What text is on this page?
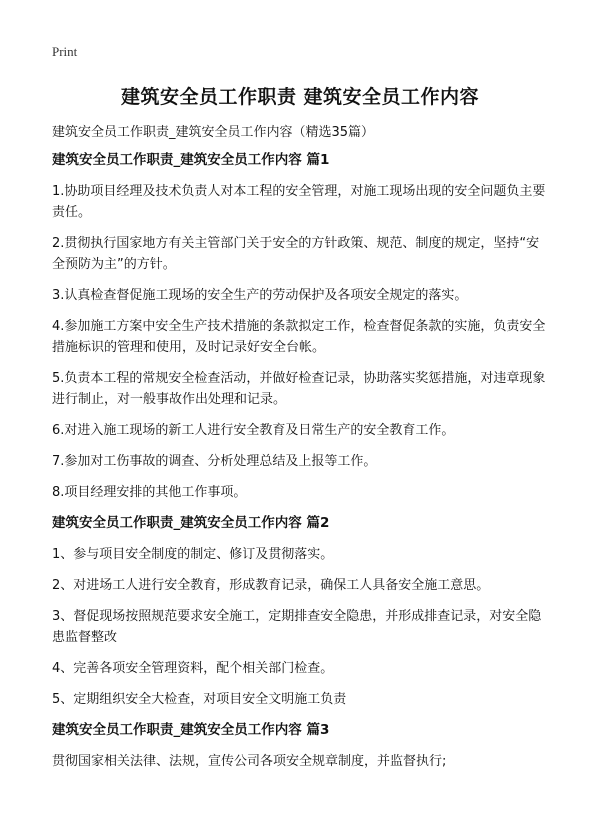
Print
建筑安全员工作职责 建筑安全员工作内容
建筑安全员工作职责_建筑安全员工作内容（精选35篇）
建筑安全员工作职责_建筑安全员工作内容 篇1

1.协助项目经理及技术负责人对本工程的安全管理，对施工现场出现的安全问题负主要责任。

2.贯彻执行国家地方有关主管部门关于安全的方针政策、规范、制度的规定，坚持“安全预防为主”的方针。

3.认真检查督促施工现场的安全生产的劳动保护及各项安全规定的落实。

4.参加施工方案中安全生产技术措施的条款拟定工作，检查督促条款的实施，负责安全措施标识的管理和使用，及时记录好安全台帐。

5.负责本工程的常规安全检查活动，并做好检查记录，协助落实奖惩措施，对违章现象进行制止，对一般事故作出处理和记录。

6.对进入施工现场的新工人进行安全教育及日常生产的安全教育工作。

7.参加对工伤事故的调查、分析处理总结及上报等工作。

8.项目经理安排的其他工作事项。

建筑安全员工作职责_建筑安全员工作内容 篇2

1、参与项目安全制度的制定、修订及贯彻落实。

2、对进场工人进行安全教育，形成教育记录，确保工人具备安全施工意思。

3、督促现场按照规范要求安全施工，定期排查安全隐患，并形成排查记录，对安全隐患监督整改

4、完善各项安全管理资料，配个相关部门检查。

5、定期组织安全大检查，对项目安全文明施工负责

建筑安全员工作职责_建筑安全员工作内容 篇3

贯彻国家相关法律、法规，宣传公司各项安全规章制度，并监督执行;
